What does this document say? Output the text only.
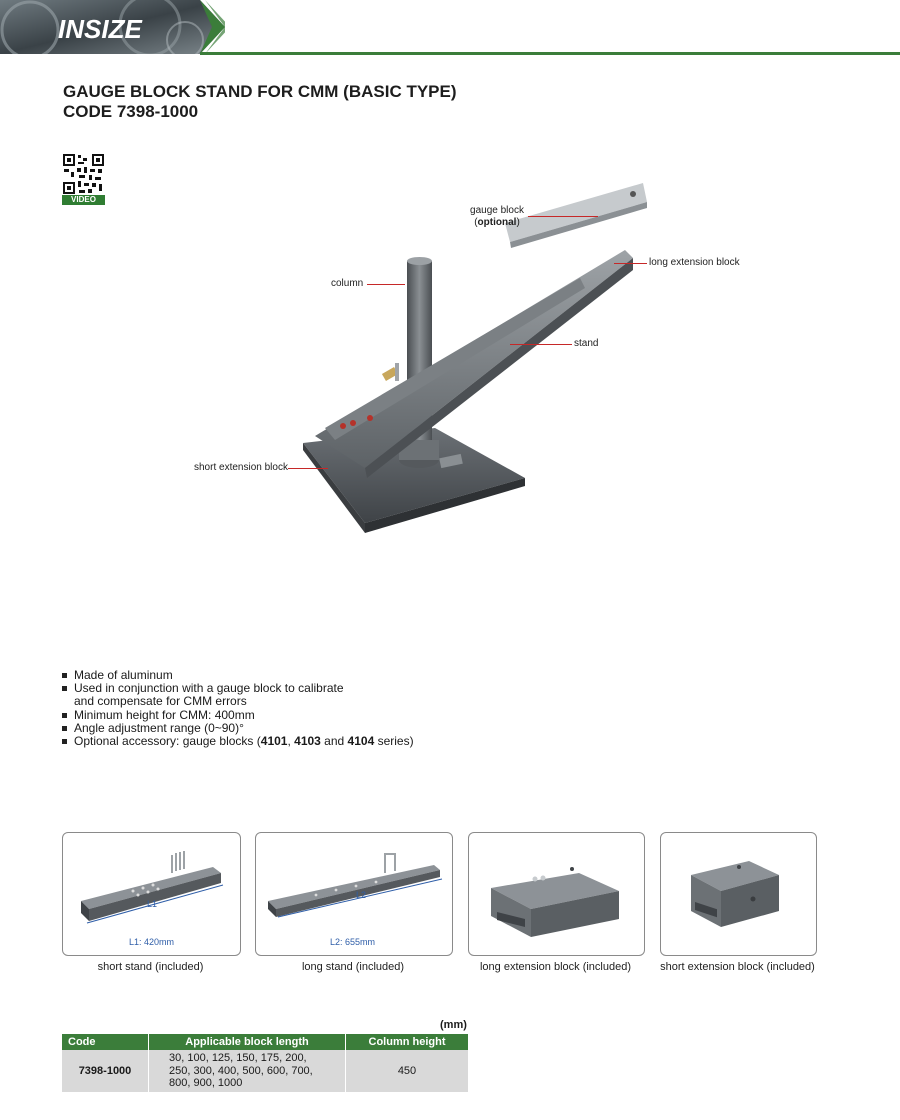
INSIZE
GAUGE BLOCK STAND FOR CMM (BASIC TYPE)
CODE 7398-1000
VIDEO
gauge block
(optional)
long extension block
column
stand
short extension block
Made of aluminum
Used in conjunction with a gauge block to calibrate
and compensate for CMM errors
Minimum height for CMM: 400mm
Angle adjustment range (0~90)°
Optional accessory: gauge blocks (4101, 4103 and 4104 series)
L1
L1: 420mm
short stand (included)
L2
L2: 655mm
long stand (included)	long extension block (included)	short extension block (included)
(mm)
Code	Applicable block length	Column height
7398-1000	30, 100, 125, 150, 175, 200,
250, 300, 400, 500, 600, 700,
800, 900, 1000	450
